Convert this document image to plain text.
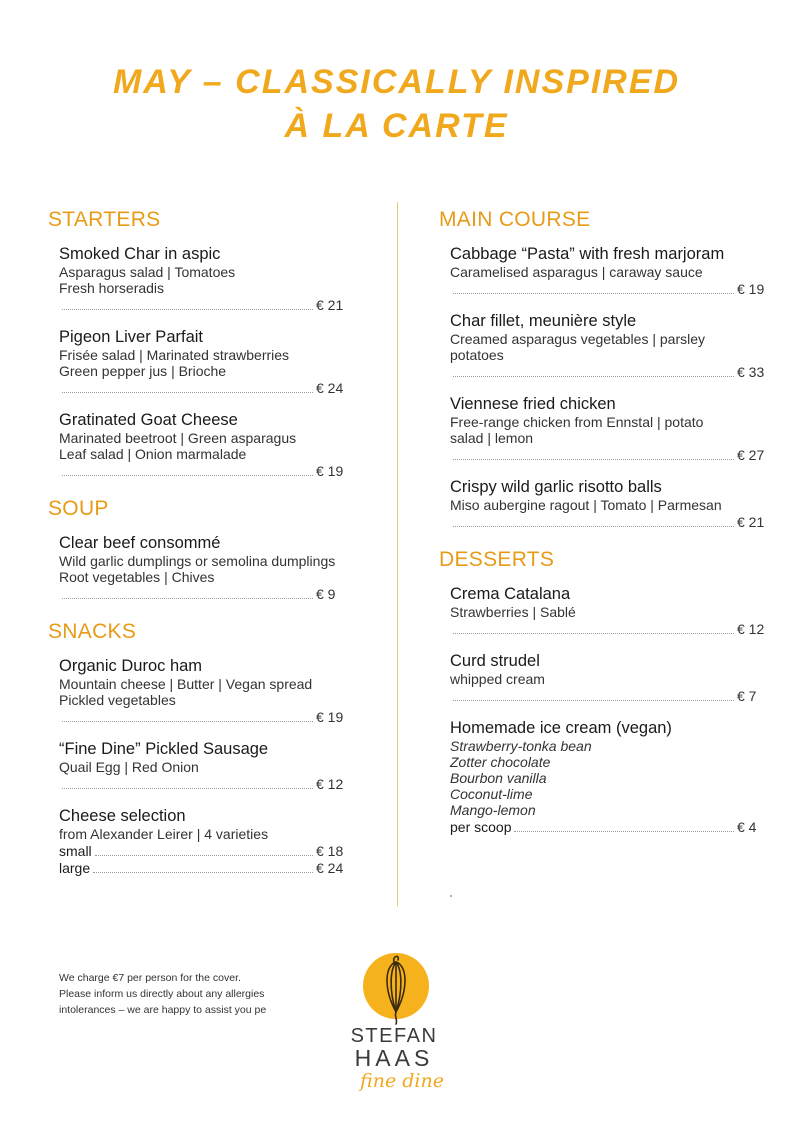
MAY – CLASSICALLY INSPIRED
À LA CARTE
STARTERS
Smoked Char in aspic
Asparagus salad | Tomatoes
Fresh horseradis
€ 21
Pigeon Liver Parfait
Frisée salad | Marinated strawberries
Green pepper jus | Brioche
€ 24
Gratinated Goat Cheese
Marinated beetroot | Green asparagus
Leaf salad | Onion marmalade
€ 19
SOUP
Clear beef consommé
Wild garlic dumplings or semolina dumplings
Root vegetables | Chives
€ 9
SNACKS
Organic Duroc ham
Mountain cheese | Butter | Vegan spread
Pickled vegetables
€ 19
“Fine Dine” Pickled Sausage
Quail Egg | Red Onion
€ 12
Cheese selection
from Alexander Leirer | 4 varieties
small	€ 18
large	€ 24
MAIN COURSE
Cabbage “Pasta” with fresh marjoram
Caramelised asparagus | caraway sauce
€ 19
Char fillet, meunière style
Creamed asparagus vegetables | parsley
potatoes
€ 33
Viennese fried chicken
Free-range chicken from Ennstal | potato
salad | lemon
€ 27
Crispy wild garlic risotto balls
Miso aubergine ragout | Tomato | Parmesan
€ 21
DESSERTS
Crema Catalana
Strawberries | Sablé
€ 12
Curd strudel
whipped cream
€ 7
Homemade ice cream (vegan)
Strawberry-tonka bean
Zotter chocolate
Bourbon vanilla
Coconut-lime
Mango-lemon
per scoop	€ 4
We charge €7 per person for the cover.
Please inform us directly about any allergies
intolerances – we are happy to assist you pe
STEFAN
HAAS
fine dine
